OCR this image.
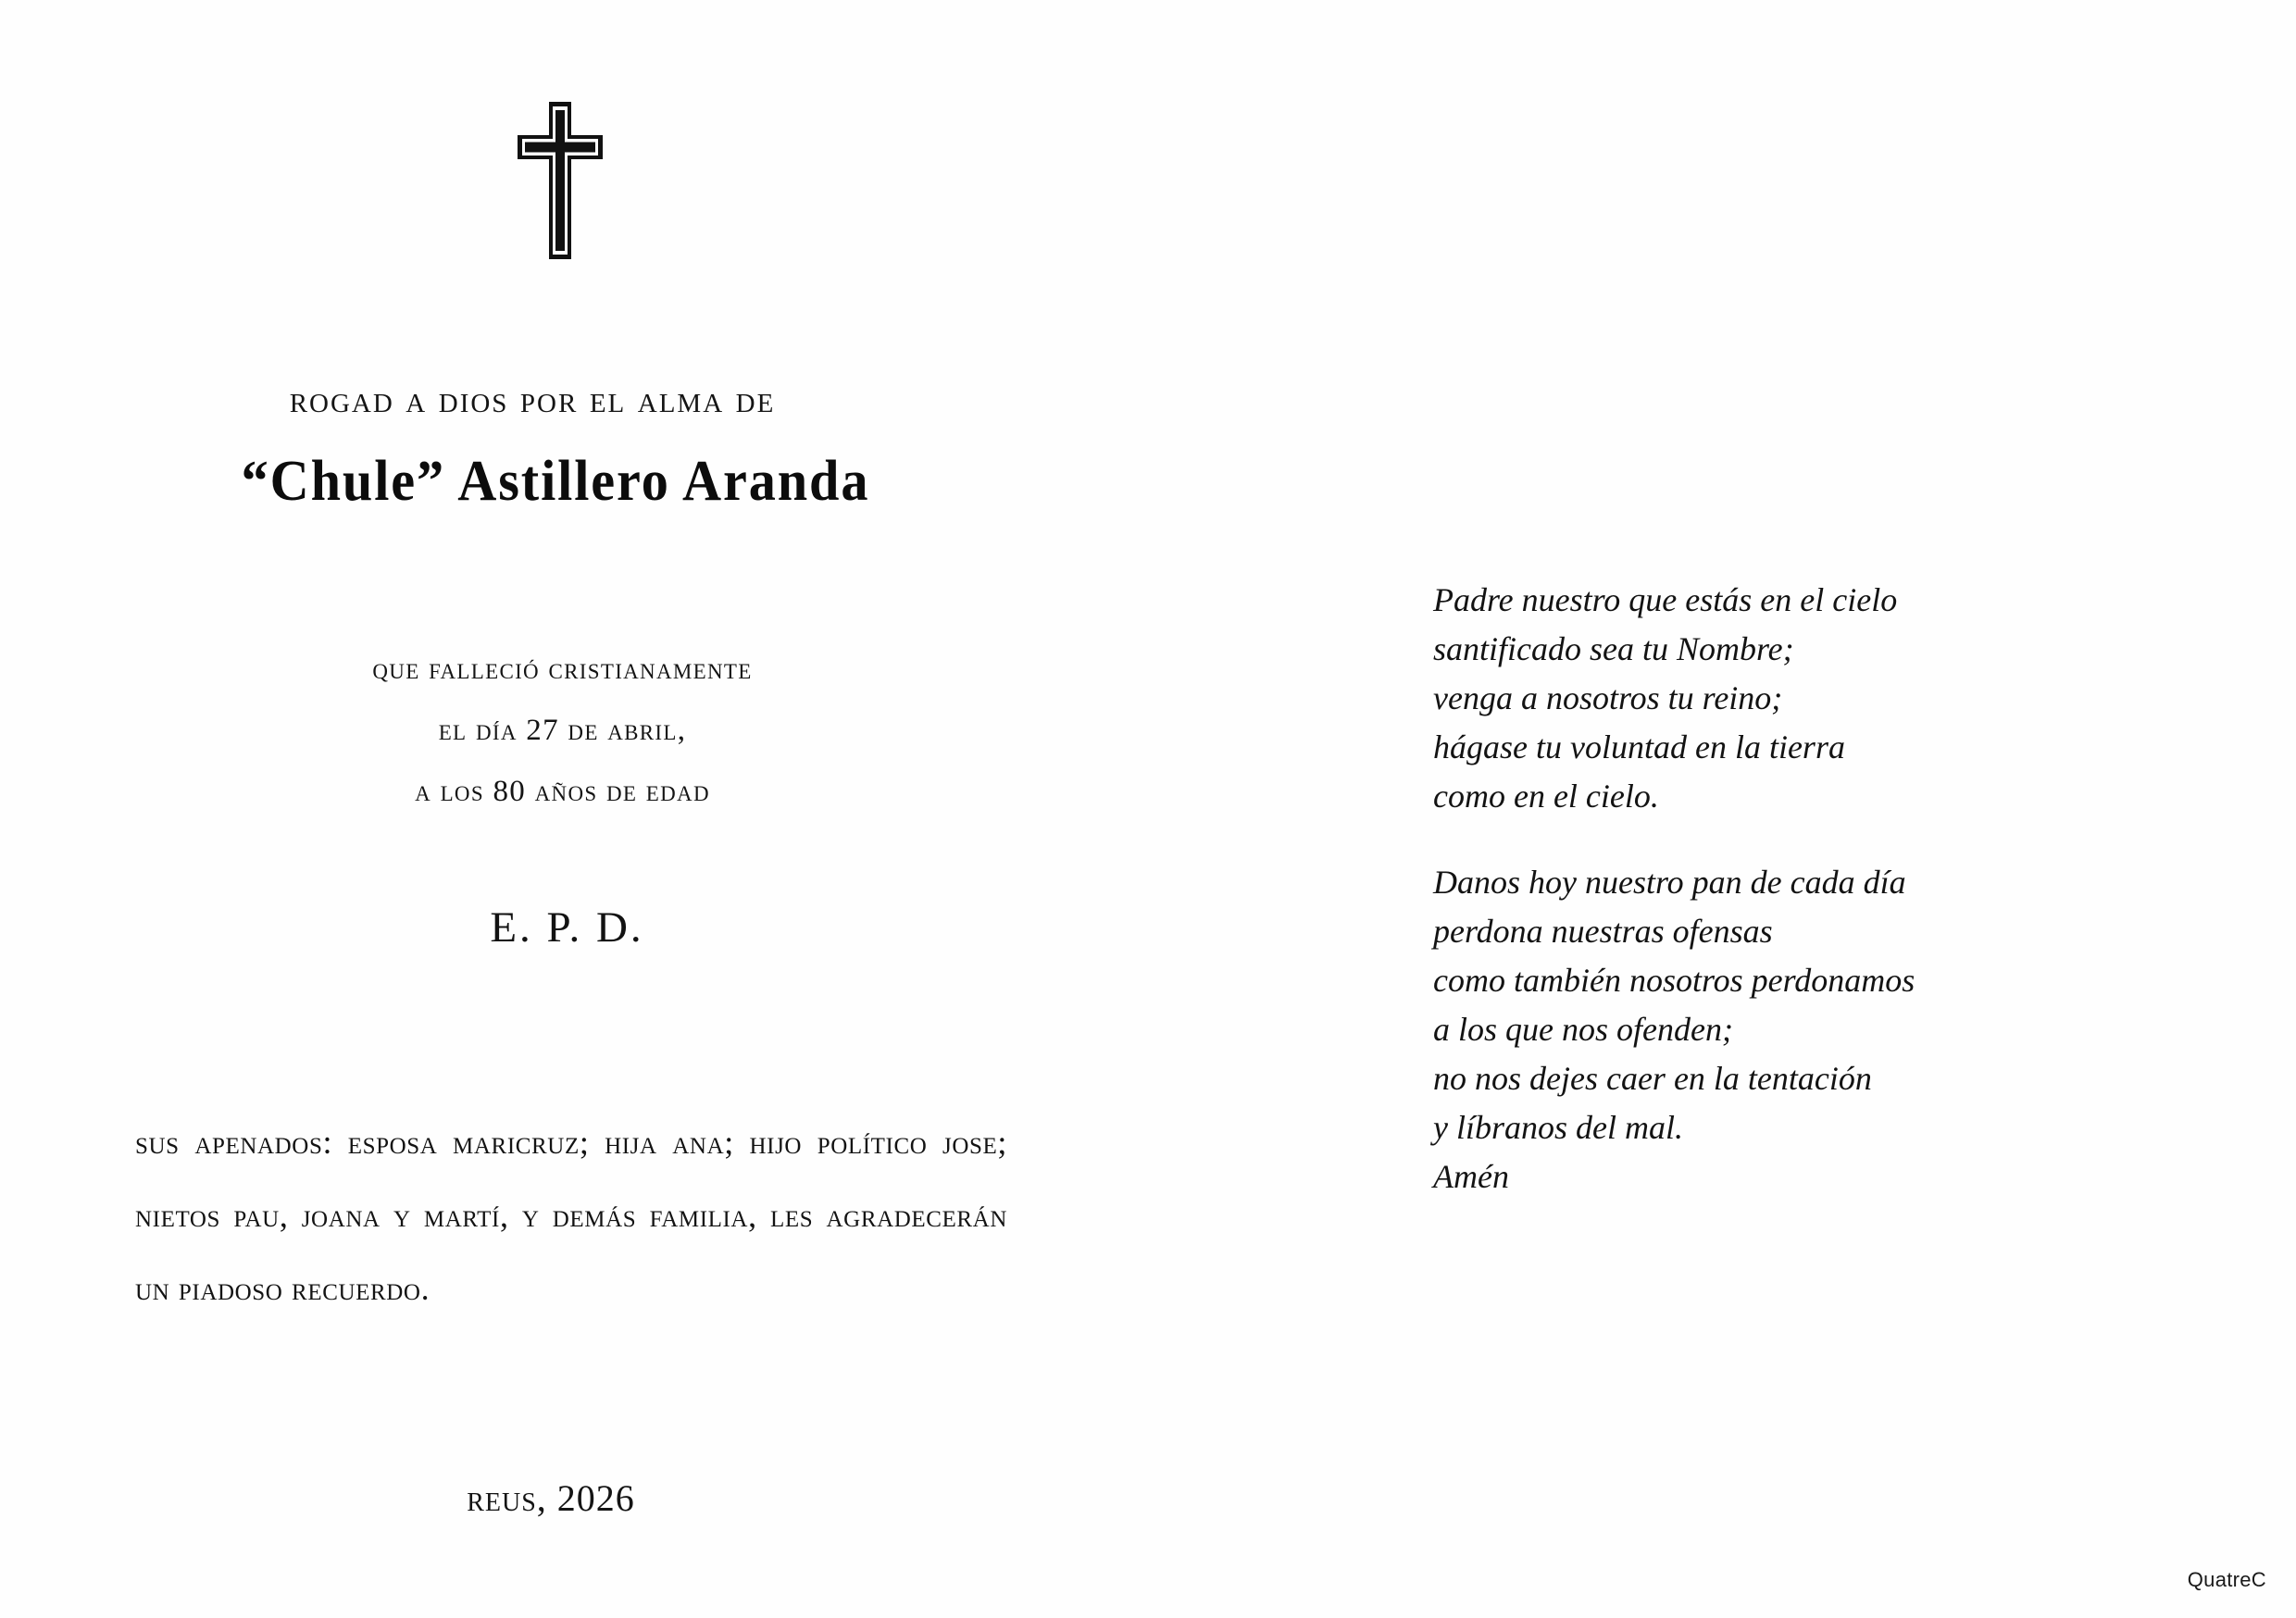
rogad a dios por el alma de
“Chule” Astillero Aranda
que falleció cristianamente
el día 27 de abril,
a los 80 años de edad
E. P. D.
sus apenados: esposa maricruz; hija ana; hijo político jose; nietos pau, joana y martí, y demás familia, les agradecerán un piadoso recuerdo.
reus, 2026
Padre nuestro que estás en el cielo
santificado sea tu Nombre;
venga a nosotros tu reino;
hágase tu voluntad en la tierra
como en el cielo.
Danos hoy nuestro pan de cada día
perdona nuestras ofensas
como también nosotros perdonamos
a los que nos ofenden;
no nos dejes caer en la tentación
y líbranos del mal.
Amén
QuatreC
